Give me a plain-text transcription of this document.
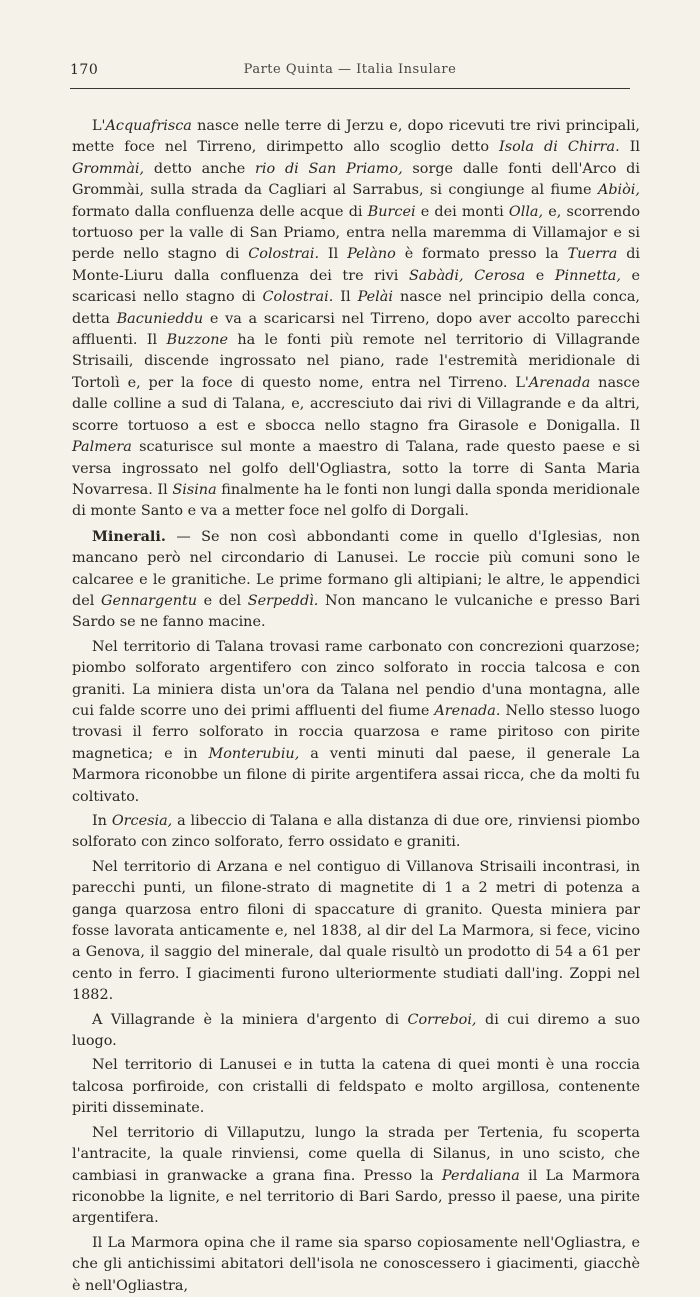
170	Parte Quinta — Italia Insulare

L'Acquafrisca nasce nelle terre di Jerzu e, dopo ricevuti tre rivi principali, mette foce nel Tirreno, dirimpetto allo scoglio detto Isola di Chirra. Il Grommài, detto anche rio di San Priamo, sorge dalle fonti dell'Arco di Grommài, sulla strada da Cagliari al Sarrabus, si congiunge al fiume Abiòi, formato dalla confluenza delle acque di Burcei e dei monti Olla, e, scorrendo tortuoso per la valle di San Priamo, entra nella maremma di Villamajor e si perde nello stagno di Colostrai. Il Pelàno è formato presso la Tuerra di Monte-Liuru dalla confluenza dei tre rivi Sabàdi, Cerosa e Pinnetta, e scaricasi nello stagno di Colostrai. Il Pelài nasce nel principio della conca, detta Bacunieddu e va a scaricarsi nel Tirreno, dopo aver accolto parecchi affluenti. Il Buzzone ha le fonti più remote nel territorio di Villagrande Strisaili, discende ingrossato nel piano, rade l'estremità meridionale di Tortolì e, per la foce di questo nome, entra nel Tirreno. L'Arenada nasce dalle colline a sud di Talana, e, accresciuto dai rivi di Villagrande e da altri, scorre tortuoso a est e sbocca nello stagno fra Girasole e Donigalla. Il Palmera scaturisce sul monte a maestro di Talana, rade questo paese e si versa ingrossato nel golfo dell'Ogliastra, sotto la torre di Santa Maria Novarresa. Il Sisina finalmente ha le fonti non lungi dalla sponda meridionale di monte Santo e va a metter foce nel golfo di Dorgali.

Minerali. — Se non così abbondanti come in quello d'Iglesias, non mancano però nel circondario di Lanusei. Le roccie più comuni sono le calcaree e le granitiche. Le prime formano gli altipiani; le altre, le appendici del Gennargentu e del Serpeddì. Non mancano le vulcaniche e presso Bari Sardo se ne fanno macine.

Nel territorio di Talana trovasi rame carbonato con concrezioni quarzose; piombo solforato argentifero con zinco solforato in roccia talcosa e con graniti. La miniera dista un'ora da Talana nel pendio d'una montagna, alle cui falde scorre uno dei primi affluenti del fiume Arenada. Nello stesso luogo trovasi il ferro solforato in roccia quarzosa e rame piritoso con pirite magnetica; e in Monterubiu, a venti minuti dal paese, il generale La Marmora riconobbe un filone di pirite argentifera assai ricca, che da molti fu coltivato.

In Orcesia, a libeccio di Talana e alla distanza di due ore, rinviensi piombo solforato con zinco solforato, ferro ossidato e graniti.

Nel territorio di Arzana e nel contiguo di Villanova Strisaili incontrasi, in parecchi punti, un filone-strato di magnetite di 1 a 2 metri di potenza a ganga quarzosa entro filoni di spaccature di granito. Questa miniera par fosse lavorata anticamente e, nel 1838, al dir del La Marmora, si fece, vicino a Genova, il saggio del minerale, dal quale risultò un prodotto di 54 a 61 per cento in ferro. I giacimenti furono ulteriormente studiati dall'ing. Zoppi nel 1882.

A Villagrande è la miniera d'argento di Correboi, di cui diremo a suo luogo.

Nel territorio di Lanusei e in tutta la catena di quei monti è una roccia talcosa porfiroide, con cristalli di feldspato e molto argillosa, contenente piriti disseminate.

Nel territorio di Villaputzu, lungo la strada per Tertenia, fu scoperta l'antracite, la quale rinviensi, come quella di Silanus, in uno scisto, che cambiasi in granwacke a grana fina. Presso la Perdaliana il La Marmora riconobbe la lignite, e nel territorio di Bari Sardo, presso il paese, una pirite argentifera.

Il La Marmora opina che il rame sia sparso copiosamente nell'Ogliastra, e che gli antichissimi abitatori dell'isola ne conoscessero i giacimenti, giacchè è nell'Ogliastra,
